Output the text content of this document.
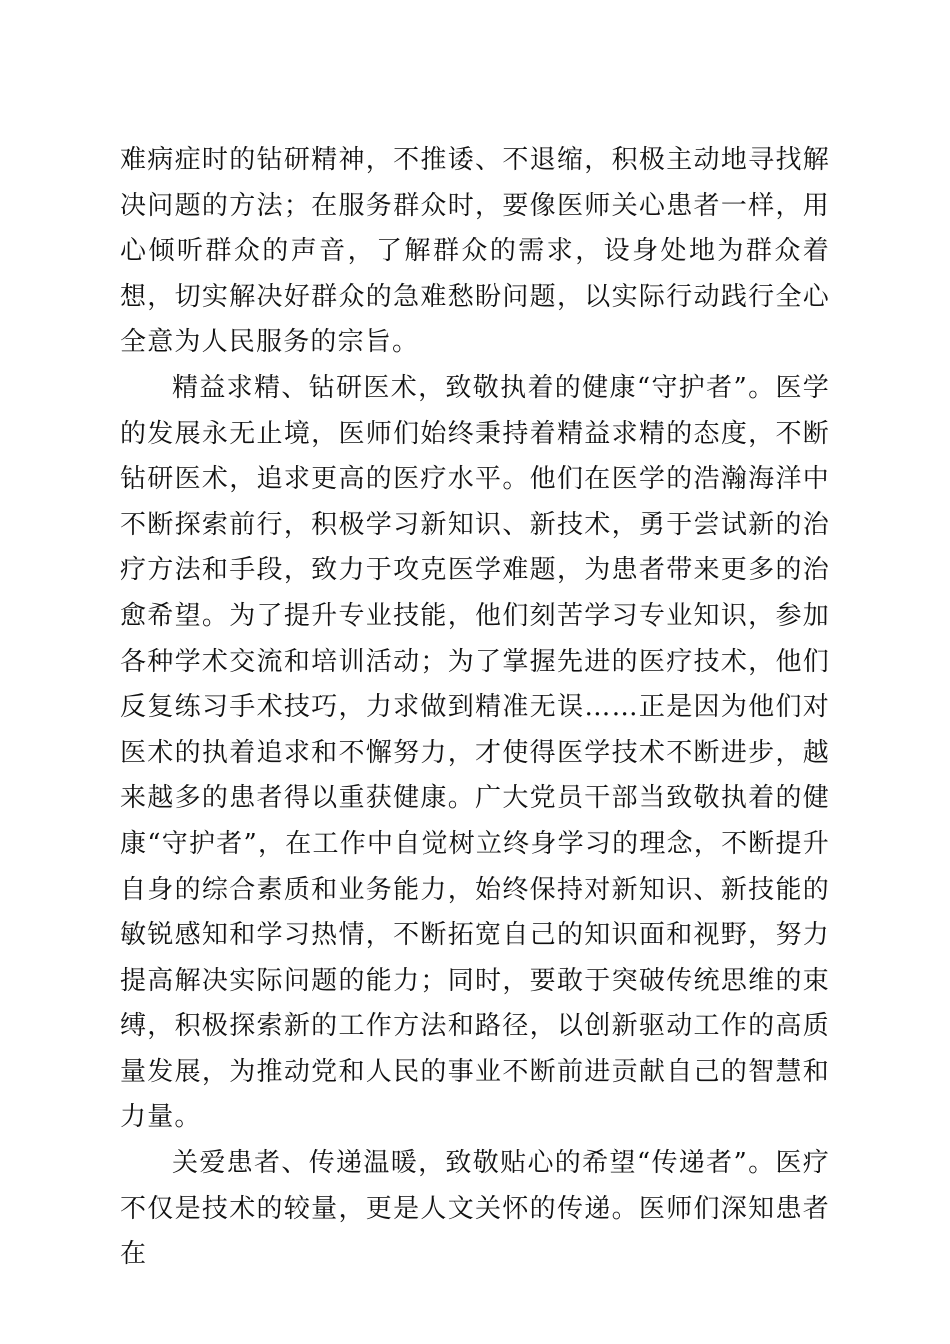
难病症时的钻研精神，不推诿、不退缩，积极主动地寻找解决问题的方法；在服务群众时，要像医师关心患者一样，用心倾听群众的声音，了解群众的需求，设身处地为群众着想，切实解决好群众的急难愁盼问题，以实际行动践行全心全意为人民服务的宗旨。

精益求精、钻研医术，致敬执着的健康“守护者”。医学的发展永无止境，医师们始终秉持着精益求精的态度，不断钻研医术，追求更高的医疗水平。他们在医学的浩瀚海洋中不断探索前行，积极学习新知识、新技术，勇于尝试新的治疗方法和手段，致力于攻克医学难题，为患者带来更多的治愈希望。为了提升专业技能，他们刻苦学习专业知识，参加各种学术交流和培训活动；为了掌握先进的医疗技术，他们反复练习手术技巧，力求做到精准无误……正是因为他们对医术的执着追求和不懈努力，才使得医学技术不断进步，越来越多的患者得以重获健康。广大党员干部当致敬执着的健康“守护者”，在工作中自觉树立终身学习的理念，不断提升自身的综合素质和业务能力，始终保持对新知识、新技能的敏锐感知和学习热情，不断拓宽自己的知识面和视野，努力提高解决实际问题的能力；同时，要敢于突破传统思维的束缚，积极探索新的工作方法和路径，以创新驱动工作的高质量发展，为推动党和人民的事业不断前进贡献自己的智慧和力量。

关爱患者、传递温暖，致敬贴心的希望“传递者”。医疗不仅是技术的较量，更是人文关怀的传递。医师们深知患者在
